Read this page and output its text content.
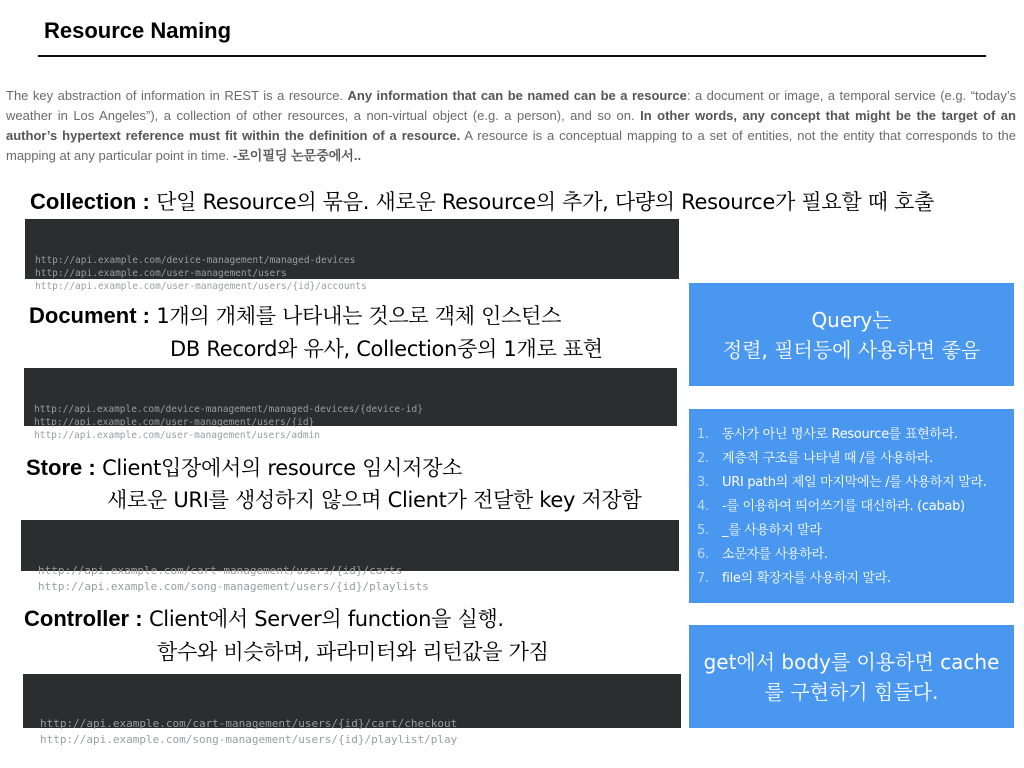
Resource Naming
The key abstraction of information in REST is a resource. Any information that can be named can be a resource: a document or image, a temporal service (e.g. “today’s weather in Los Angeles”), a collection of other resources, a non-virtual object (e.g. a person), and so on. In other words, any concept that might be the target of an author’s hypertext reference must fit within the definition of a resource. A resource is a conceptual mapping to a set of entities, not the entity that corresponds to the mapping at any particular point in time. -로이필딩 논문중에서..
Collection : 단일 Resource의 묶음. 새로운 Resource의 추가, 다량의 Resource가 필요할 때 호출

http://api.example.com/device-management/managed-devices
http://api.example.com/user-management/users
http://api.example.com/user-management/users/{id}/accounts

Document : 1개의 개체를 나타내는 것으로 객체 인스턴스
DB Record와 유사, Collection중의 1개로 표현

http://api.example.com/device-management/managed-devices/{device-id}
http://api.example.com/user-management/users/{id}
http://api.example.com/user-management/users/admin

Store : Client입장에서의 resource 임시저장소
새로운 URI를 생성하지 않으며 Client가 전달한 key 저장함

http://api.example.com/cart-management/users/{id}/carts
http://api.example.com/song-management/users/{id}/playlists

Controller : Client에서 Server의 function을 실행.
함수와 비슷하며, 파라미터와 리턴값을 가짐

http://api.example.com/cart-management/users/{id}/cart/checkout
http://api.example.com/song-management/users/{id}/playlist/play

Query는
정렬, 필터등에 사용하면 좋음
1. 동사가 아닌 명사로 Resource를 표현하라.
2. 계층적 구조를 나타낼 때 /를 사용하라.
3. URI path의 제일 마지막에는 /를 사용하지 말라.
4. -를 이용하여 띄어쓰기를 대신하라. (cabab)
5. _를 사용하지 말라
6. 소문자를 사용하라.
7. file의 확장자를 사용하지 말라.
get에서 body를 이용하면 cache
를 구현하기 힘들다.
